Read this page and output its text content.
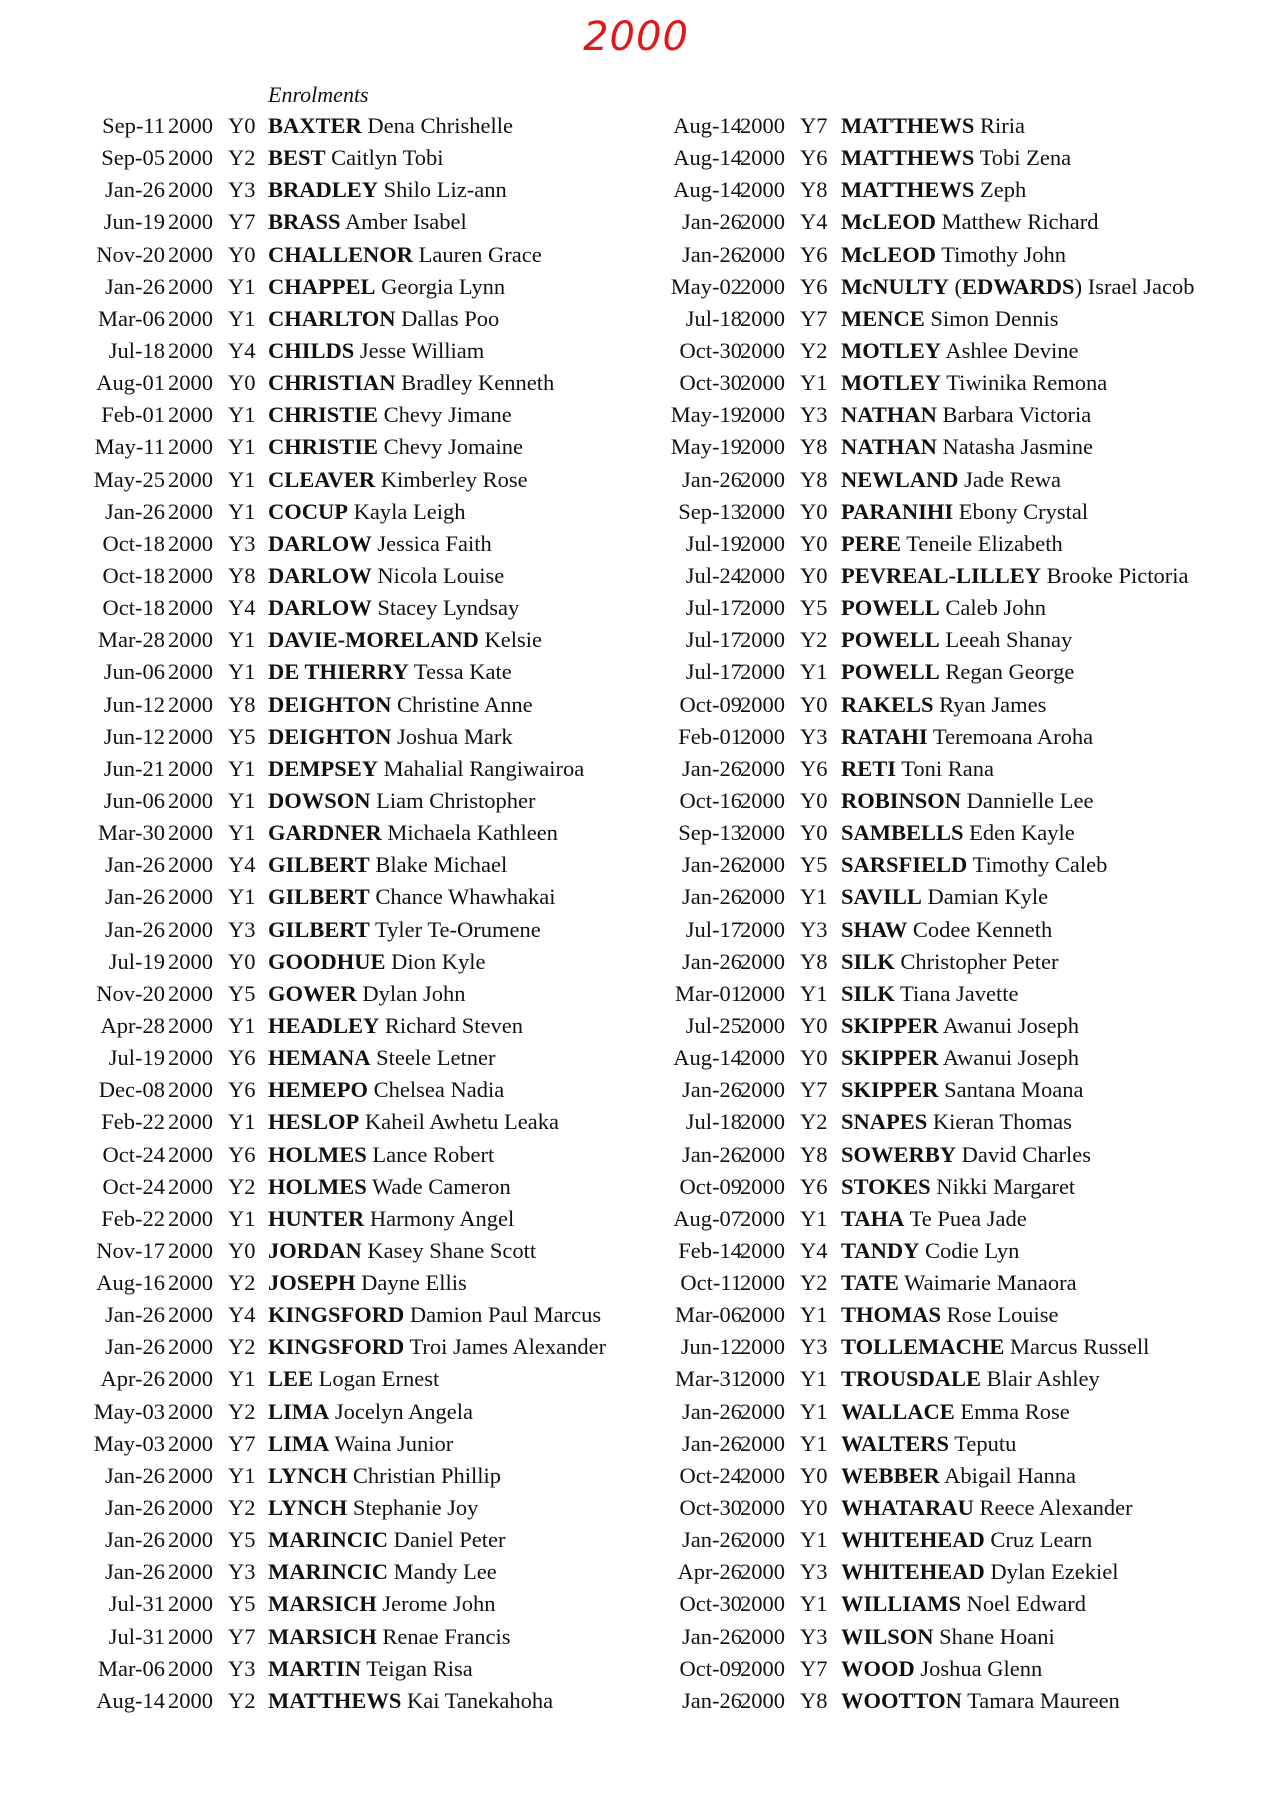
2000
Enrolments
Sep-11 2000 Y0 BAXTER Dena Chrishelle
Sep-05 2000 Y2 BEST Caitlyn Tobi
Jan-26 2000 Y3 BRADLEY Shilo Liz-ann
Jun-19 2000 Y7 BRASS Amber Isabel
Nov-20 2000 Y0 CHALLENOR Lauren Grace
Jan-26 2000 Y1 CHAPPEL Georgia Lynn
Mar-06 2000 Y1 CHARLTON Dallas Poo
Jul-18 2000 Y4 CHILDS Jesse William
Aug-01 2000 Y0 CHRISTIAN Bradley Kenneth
Feb-01 2000 Y1 CHRISTIE Chevy Jimane
May-11 2000 Y1 CHRISTIE Chevy Jomaine
May-25 2000 Y1 CLEAVER Kimberley Rose
Jan-26 2000 Y1 COCUP Kayla Leigh
Oct-18 2000 Y3 DARLOW Jessica Faith
Oct-18 2000 Y8 DARLOW Nicola Louise
Oct-18 2000 Y4 DARLOW Stacey Lyndsay
Mar-28 2000 Y1 DAVIE-MORELAND Kelsie
Jun-06 2000 Y1 DE THIERRY Tessa Kate
Jun-12 2000 Y8 DEIGHTON Christine Anne
Jun-12 2000 Y5 DEIGHTON Joshua Mark
Jun-21 2000 Y1 DEMPSEY Mahalial Rangiwairoa
Jun-06 2000 Y1 DOWSON Liam Christopher
Mar-30 2000 Y1 GARDNER Michaela Kathleen
Jan-26 2000 Y4 GILBERT Blake Michael
Jan-26 2000 Y1 GILBERT Chance Whawhakai
Jan-26 2000 Y3 GILBERT Tyler Te-Orumene
Jul-19 2000 Y0 GOODHUE Dion Kyle
Nov-20 2000 Y5 GOWER Dylan John
Apr-28 2000 Y1 HEADLEY Richard Steven
Jul-19 2000 Y6 HEMANA Steele Letner
Dec-08 2000 Y6 HEMEPO Chelsea Nadia
Feb-22 2000 Y1 HESLOP Kaheil Awhetu Leaka
Oct-24 2000 Y6 HOLMES Lance Robert
Oct-24 2000 Y2 HOLMES Wade Cameron
Feb-22 2000 Y1 HUNTER Harmony Angel
Nov-17 2000 Y0 JORDAN Kasey Shane Scott
Aug-16 2000 Y2 JOSEPH Dayne Ellis
Jan-26 2000 Y4 KINGSFORD Damion Paul Marcus
Jan-26 2000 Y2 KINGSFORD Troi James Alexander
Apr-26 2000 Y1 LEE Logan Ernest
May-03 2000 Y2 LIMA Jocelyn Angela
May-03 2000 Y7 LIMA Waina Junior
Jan-26 2000 Y1 LYNCH Christian Phillip
Jan-26 2000 Y2 LYNCH Stephanie Joy
Jan-26 2000 Y5 MARINCIC Daniel Peter
Jan-26 2000 Y3 MARINCIC Mandy Lee
Jul-31 2000 Y5 MARSICH Jerome John
Jul-31 2000 Y7 MARSICH Renae Francis
Mar-06 2000 Y3 MARTIN Teigan Risa
Aug-14 2000 Y2 MATTHEWS Kai Tanekahoha
Aug-14
2000 Y7 MATTHEWS Riria
Aug-14
2000 Y6 MATTHEWS Tobi Zena
Aug-14
2000 Y8 MATTHEWS Zeph
Jan-26
2000 Y4 McLEOD Matthew Richard
Jan-26
2000 Y6 McLEOD Timothy John
May-02
2000 Y6 McNULTY (EDWARDS) Israel Jacob
Jul-18
2000 Y7 MENCE Simon Dennis
Oct-30
2000 Y2 MOTLEY Ashlee Devine
Oct-30
2000 Y1 MOTLEY Tiwinika Remona
May-19
2000 Y3 NATHAN Barbara Victoria
May-19
2000 Y8 NATHAN Natasha Jasmine
Jan-26
2000 Y8 NEWLAND Jade Rewa
Sep-13
2000 Y0 PARANIHI Ebony Crystal
Jul-19
2000 Y0 PERE Teneile Elizabeth
Jul-24
2000 Y0 PEVREAL-LILLEY Brooke Pictoria
Jul-17
2000 Y5 POWELL Caleb John
Jul-17
2000 Y2 POWELL Leeah Shanay
Jul-17
2000 Y1 POWELL Regan George
Oct-09
2000 Y0 RAKELS Ryan James
Feb-01
2000 Y3 RATAHI Teremoana Aroha
Jan-26
2000 Y6 RETI Toni Rana
Oct-16
2000 Y0 ROBINSON Dannielle Lee
Sep-13
2000 Y0 SAMBELLS Eden Kayle
Jan-26
2000 Y5 SARSFIELD Timothy Caleb
Jan-26
2000 Y1 SAVILL Damian Kyle
Jul-17
2000 Y3 SHAW Codee Kenneth
Jan-26
2000 Y8 SILK Christopher Peter
Mar-01
2000 Y1 SILK Tiana Javette
Jul-25
2000 Y0 SKIPPER Awanui Joseph
Aug-14
2000 Y0 SKIPPER Awanui Joseph
Jan-26
2000 Y7 SKIPPER Santana Moana
Jul-18
2000 Y2 SNAPES Kieran Thomas
Jan-26
2000 Y8 SOWERBY David Charles
Oct-09
2000 Y6 STOKES Nikki Margaret
Aug-07
2000 Y1 TAHA Te Puea Jade
Feb-14
2000 Y4 TANDY Codie Lyn
Oct-11
2000 Y2 TATE Waimarie Manaora
Mar-06
2000 Y1 THOMAS Rose Louise
Jun-12
2000 Y3 TOLLEMACHE Marcus Russell
Mar-31
2000 Y1 TROUSDALE Blair Ashley
Jan-26
2000 Y1 WALLACE Emma Rose
Jan-26
2000 Y1 WALTERS Teputu
Oct-24
2000 Y0 WEBBER Abigail Hanna
Oct-30
2000 Y0 WHATARAU Reece Alexander
Jan-26
2000 Y1 WHITEHEAD Cruz Learn
Apr-26
2000 Y3 WHITEHEAD Dylan Ezekiel
Oct-30
2000 Y1 WILLIAMS Noel Edward
Jan-26
2000 Y3 WILSON Shane Hoani
Oct-09
2000 Y7 WOOD Joshua Glenn
Jan-26
2000 Y8 WOOTTON Tamara Maureen
